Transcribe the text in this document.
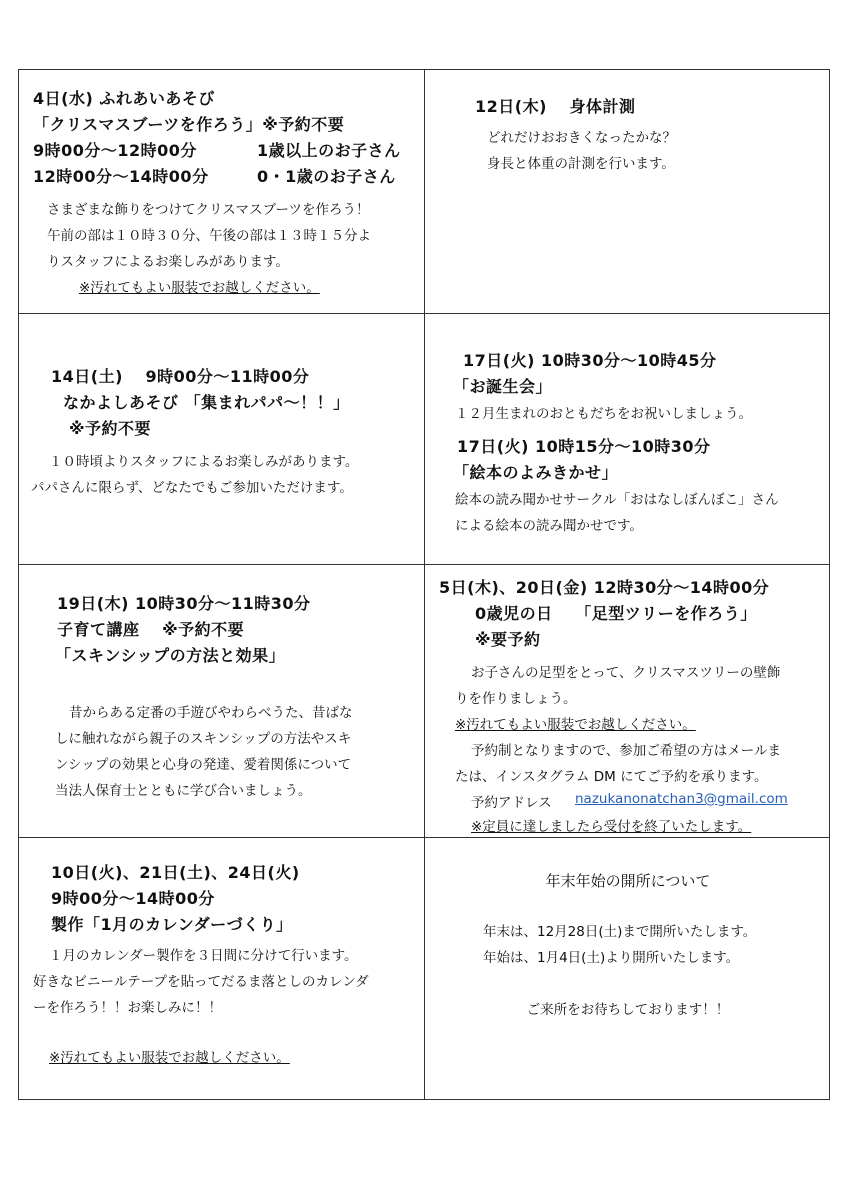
4日(水) ふれあいあそび
「クリスマスブーツを作ろう」※予約不要
9時00分～12時00分	1歳以上のお子さん
12時00分～14時00分	0・1歳のお子さん
さまざまな飾りをつけてクリスマスブーツを作ろう！
午前の部は１０時３０分、午後の部は１３時１５分よ
りスタッフによるお楽しみがあります。
※汚れてもよい服装でお越しください。
12日(木)　 身体計測
どれだけおおきくなったかな？
身長と体重の計測を行います。
14日(土)　 9時00分～11時00分
なかよしあそび 「集まれパパ～！！」
※予約不要
１０時頃よりスタッフによるお楽しみがあります。
パパさんに限らず、どなたでもご参加いただけます。
17日(火) 10時30分～10時45分
「お誕生会」
１２月生まれのおともだちをお祝いしましょう。
17日(火) 10時15分～10時30分
「絵本のよみきかせ」
絵本の読み聞かせサークル「おはなしぼんぼこ」さん
による絵本の読み聞かせです。
19日(木) 10時30分～11時30分
子育て講座　 ※予約不要
「スキンシップの方法と効果」
昔からある定番の手遊びやわらべうた、昔ばな
しに触れながら親子のスキンシップの方法やスキ
ンシップの効果と心身の発達、愛着関係について
当法人保育士とともに学び合いましょう。
5日(木)、20日(金) 12時30分～14時00分
0歳児の日　 「足型ツリーを作ろう」
※要予約
お子さんの足型をとって、クリスマスツリーの壁飾
りを作りましょう。
※汚れてもよい服装でお越しください。
予約制となりますので、参加ご希望の方はメールま
たは、インスタグラム DM にてご予約を承ります。
予約アドレス nazukanonatchan3@gmail.com
※定員に達しましたら受付を終了いたします。
10日(火)、21日(土)、24日(火)
9時00分～14時00分
製作「1月のカレンダーづくり」
１月のカレンダー製作を３日間に分けて行います。
好きなビニールテープを貼ってだるま落としのカレンダ
ーを作ろう！！お楽しみに！！
※汚れてもよい服装でお越しください。
年末年始の開所について
年末は、12月28日(土)まで開所いたします。
年始は、1月4日(土)より開所いたします。
ご来所をお待ちしております！！
